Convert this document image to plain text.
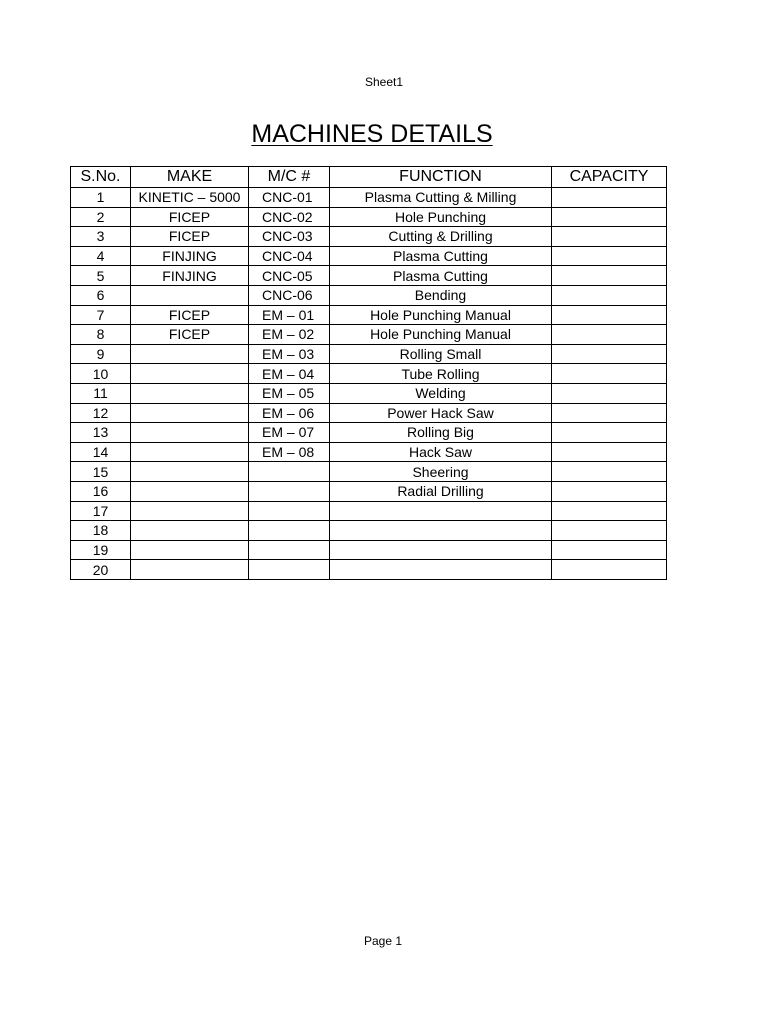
Sheet1
MACHINES DETAILS
S.No.	MAKE	M/C #	FUNCTION	CAPACITY
1	KINETIC – 5000	CNC-01	Plasma Cutting & Milling	
2	FICEP	CNC-02	Hole Punching	
3	FICEP	CNC-03	Cutting & Drilling	
4	FINJING	CNC-04	Plasma Cutting	
5	FINJING	CNC-05	Plasma Cutting	
6		CNC-06	Bending	
7	FICEP	EM – 01	Hole Punching Manual	
8	FICEP	EM – 02	Hole Punching Manual	
9		EM – 03	Rolling Small	
10		EM – 04	Tube Rolling	
11		EM – 05	Welding	
12		EM – 06	Power Hack Saw	
13		EM – 07	Rolling Big	
14		EM – 08	Hack Saw	
15			Sheering	
16			Radial Drilling	
17				
18				
19				
20				
Page 1
